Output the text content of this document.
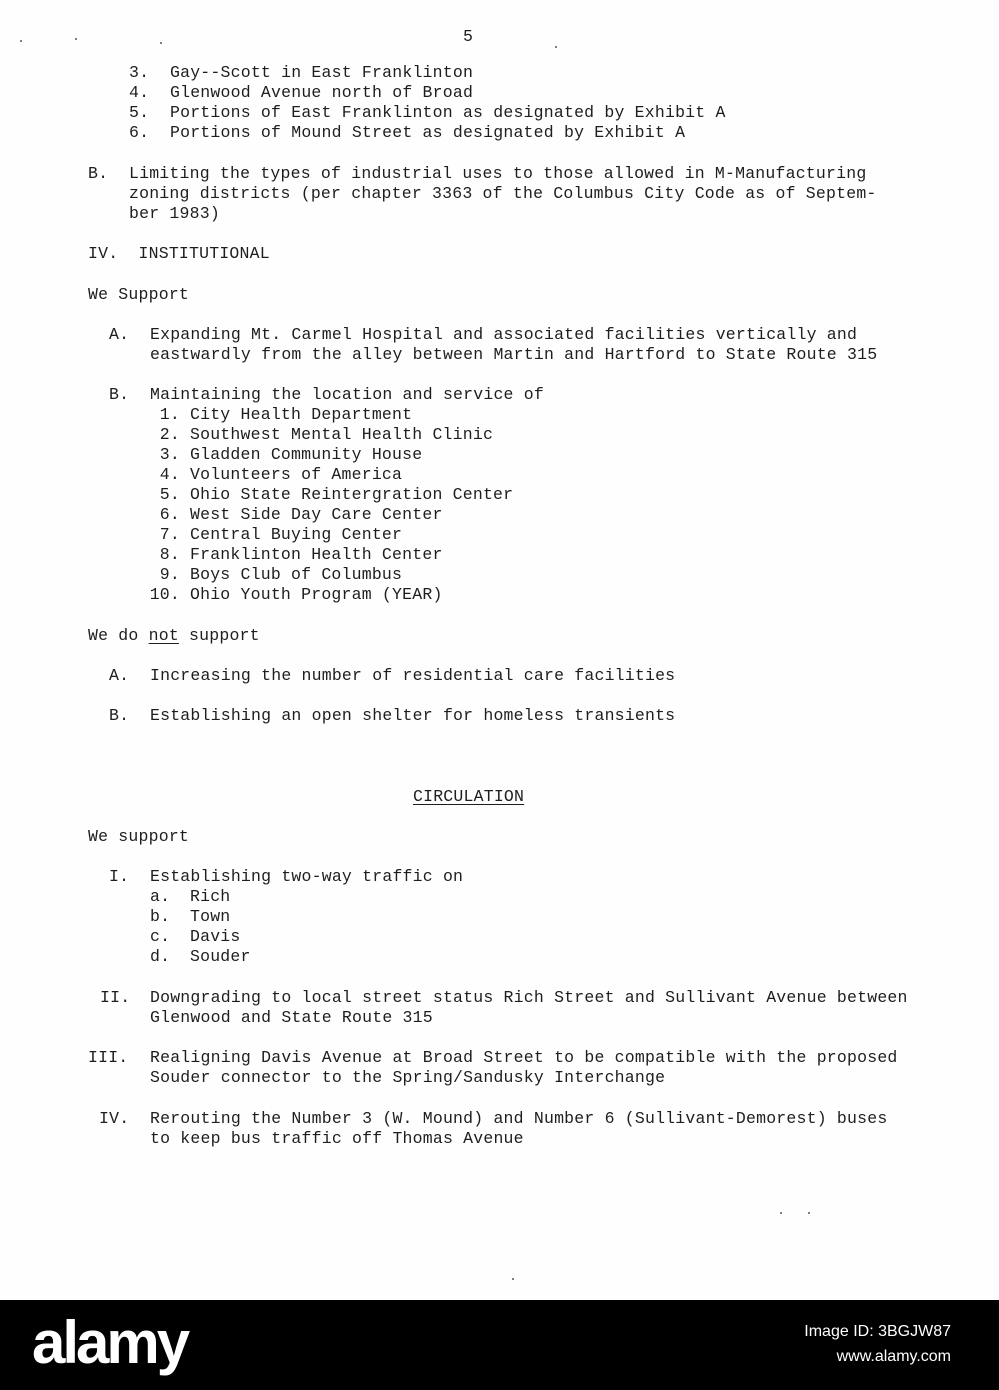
5
3. Gay--Scott in East Franklinton
4. Glenwood Avenue north of Broad
5. Portions of East Franklinton as designated by Exhibit A
6. Portions of Mound Street as designated by Exhibit A
B. Limiting the types of industrial uses to those allowed in M-Manufacturing
zoning districts (per chapter 3363 of the Columbus City Code as of Septem-
ber 1983)
IV.  INSTITUTIONAL
We Support
A. Expanding Mt. Carmel Hospital and associated facilities vertically and
eastwardly from the alley between Martin and Hartford to State Route 315
B. Maintaining the location and service of
1. City Health Department
2. Southwest Mental Health Clinic
3. Gladden Community House
4. Volunteers of America
5. Ohio State Reintergration Center
6. West Side Day Care Center
7. Central Buying Center
8. Franklinton Health Center
9. Boys Club of Columbus
10. Ohio Youth Program (YEAR)
We do not support
A. Increasing the number of residential care facilities
B. Establishing an open shelter for homeless transients
CIRCULATION
We support
I. Establishing two-way traffic on
a. Rich
b. Town
c. Davis
d. Souder
II. Downgrading to local street status Rich Street and Sullivant Avenue between
Glenwood and State Route 315
III. Realigning Davis Avenue at Broad Street to be compatible with the proposed
Souder connector to the Spring/Sandusky Interchange
IV. Rerouting the Number 3 (W. Mound) and Number 6 (Sullivant-Demorest) buses
to keep bus traffic off Thomas Avenue
alamy	Image ID: 3BGJW87
www.alamy.com
